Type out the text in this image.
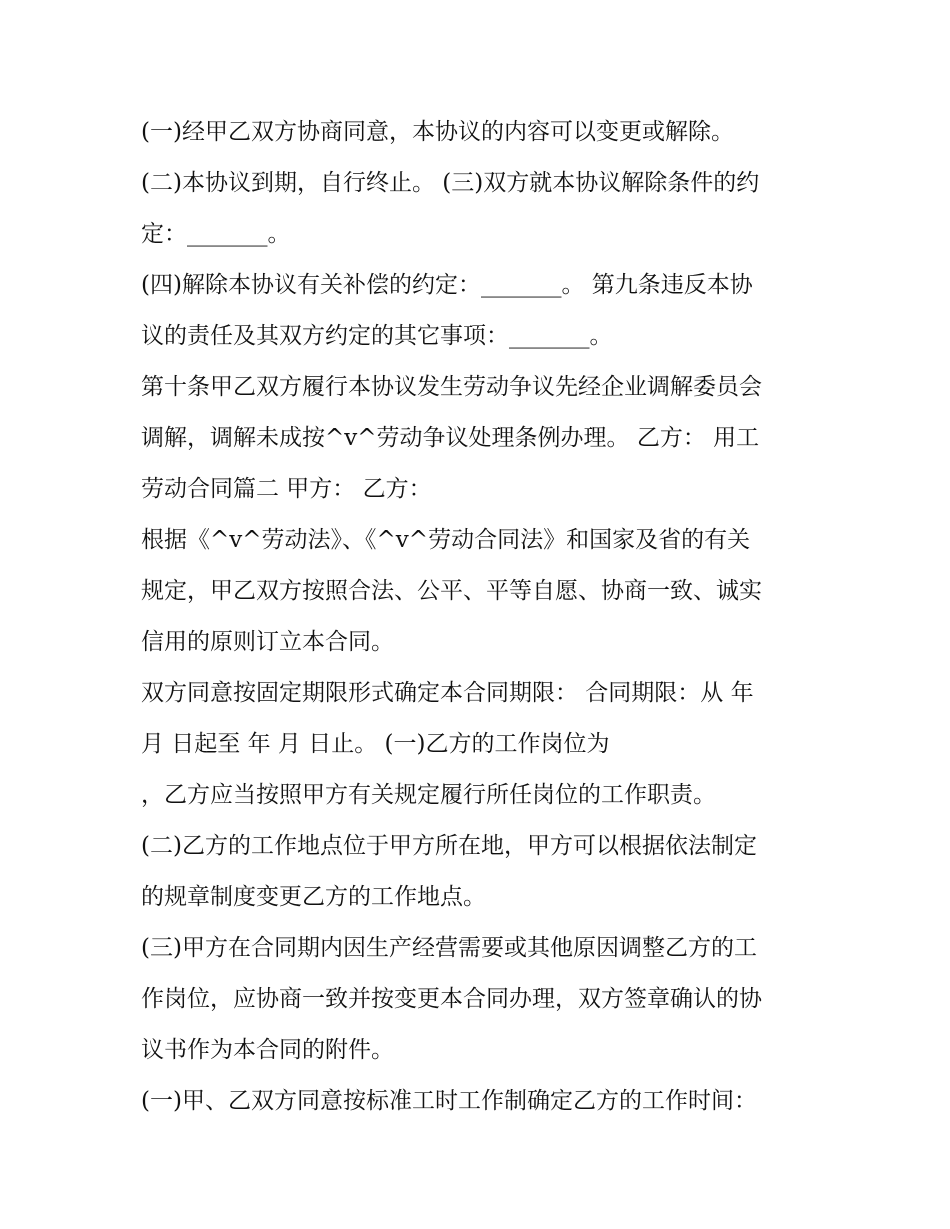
(一)经甲乙双方协商同意，本协议的内容可以变更或解除。
(二)本协议到期，自行终止。 (三)双方就本协议解除条件的约
定：_______。
(四)解除本协议有关补偿的约定：_______。 第九条违反本协
议的责任及其双方约定的其它事项：_______。
第十条甲乙双方履行本协议发生劳动争议先经企业调解委员会
调解，调解未成按^v^劳动争议处理条例办理。 乙方： 用工
劳动合同篇二 甲方： 乙方：
根据《^v^劳动法》、《^v^劳动合同法》和国家及省的有关
规定，甲乙双方按照合法、公平、平等自愿、协商一致、诚实
信用的原则订立本合同。
双方同意按固定期限形式确定本合同期限： 合同期限：从 年
月 日起至 年 月 日止。 (一)乙方的工作岗位为
，乙方应当按照甲方有关规定履行所任岗位的工作职责。
(二)乙方的工作地点位于甲方所在地，甲方可以根据依法制定
的规章制度变更乙方的工作地点。
(三)甲方在合同期内因生产经营需要或其他原因调整乙方的工
作岗位，应协商一致并按变更本合同办理，双方签章确认的协
议书作为本合同的附件。
(一)甲、乙双方同意按标准工时工作制确定乙方的工作时间：
